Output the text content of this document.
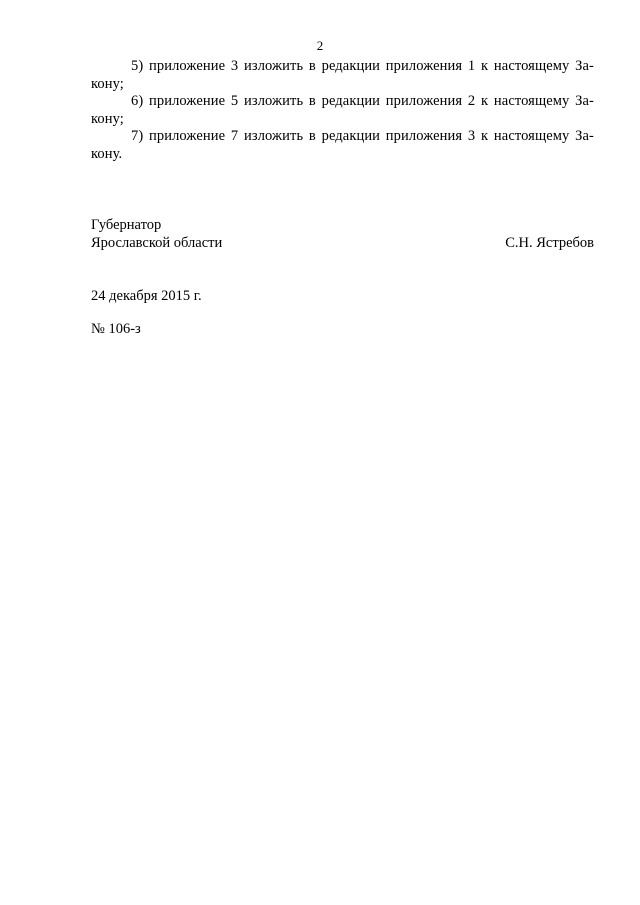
2
5) приложение 3 изложить в редакции приложения 1 к настоящему За-
кону;
6) приложение 5 изложить в редакции приложения 2 к настоящему За-
кону;
7) приложение 7 изложить в редакции приложения 3 к настоящему За-
кону.
Губернатор
Ярославской области	С.Н. Ястребов
24 декабря 2015 г.
№ 106-з
